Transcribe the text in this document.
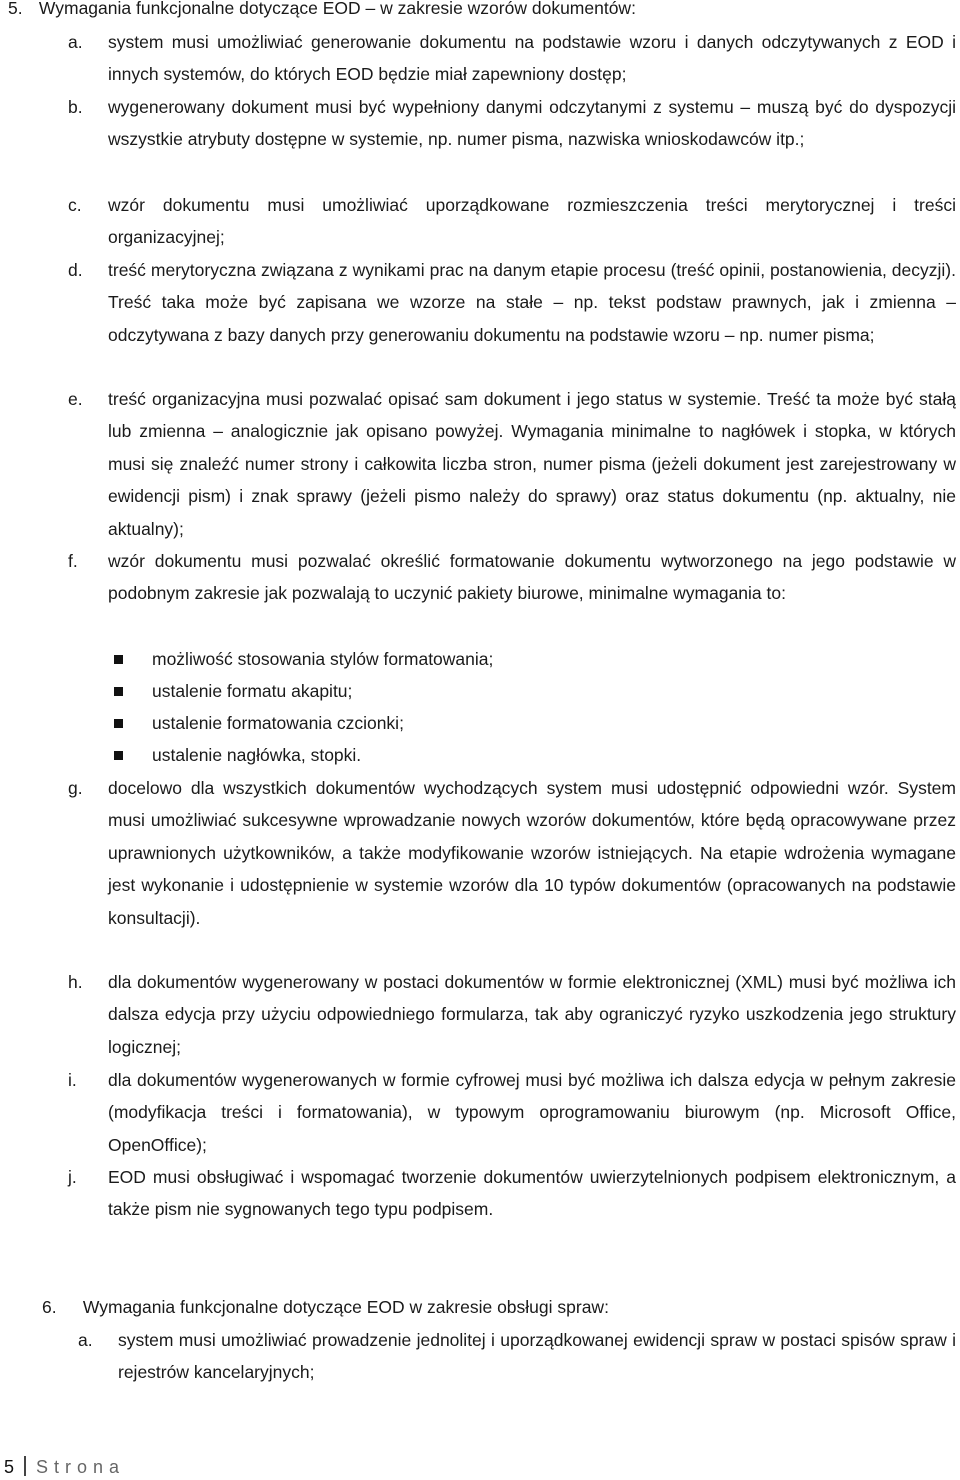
5. Wymagania funkcjonalne dotyczące EOD – w zakresie wzorów dokumentów:
a.	system musi umożliwiać generowanie dokumentu na podstawie wzoru i danych odczytywanych z EOD i innych systemów, do których EOD będzie miał zapewniony dostęp;
b.	wygenerowany dokument musi być wypełniony danymi odczytanymi z systemu – muszą być do dyspozycji wszystkie atrybuty dostępne w systemie, np. numer pisma, nazwiska wnioskodawców itp.;
c.	wzór dokumentu musi umożliwiać uporządkowane rozmieszczenia treści merytorycznej i treści organizacyjnej;
d.	treść merytoryczna związana z wynikami prac na danym etapie procesu (treść opinii, postanowienia, decyzji). Treść taka może być zapisana we wzorze na stałe – np. tekst podstaw prawnych, jak i zmienna – odczytywana z bazy danych przy generowaniu dokumentu na podstawie wzoru – np. numer pisma;
e.	treść organizacyjna musi pozwalać opisać sam dokument i jego status w systemie. Treść ta może być stałą lub zmienna – analogicznie jak opisano powyżej. Wymagania minimalne to nagłówek i stopka, w których musi się znaleźć numer strony i całkowita liczba stron, numer pisma (jeżeli dokument jest zarejestrowany w ewidencji pism) i znak sprawy (jeżeli pismo należy do sprawy) oraz status dokumentu (np. aktualny, nie aktualny);
f.	wzór dokumentu musi pozwalać określić formatowanie dokumentu wytworzonego na jego podstawie w podobnym zakresie jak pozwalają to uczynić pakiety biurowe, minimalne wymagania to:
możliwość stosowania stylów formatowania;
ustalenie formatu akapitu;
ustalenie formatowania czcionki;
ustalenie nagłówka, stopki.
g.	docelowo dla wszystkich dokumentów wychodzących system musi udostępnić odpowiedni wzór. System musi umożliwiać sukcesywne wprowadzanie nowych wzorów dokumentów, które będą opracowywane przez uprawnionych użytkowników, a także modyfikowanie wzorów istniejących. Na etapie wdrożenia wymagane jest wykonanie i udostępnienie w systemie wzorów dla 10 typów dokumentów (opracowanych na podstawie konsultacji).
h.	dla dokumentów wygenerowany w postaci dokumentów w formie elektronicznej (XML) musi być możliwa ich dalsza edycja przy użyciu odpowiedniego formularza, tak aby ograniczyć ryzyko uszkodzenia jego struktury logicznej;
i.	dla dokumentów wygenerowanych w formie cyfrowej musi być możliwa ich dalsza edycja w pełnym zakresie (modyfikacja treści i formatowania), w typowym oprogramowaniu biurowym (np. Microsoft Office, OpenOffice);
j.	EOD musi obsługiwać i wspomagać tworzenie dokumentów uwierzytelnionych podpisem elektronicznym, a także pism nie sygnowanych tego typu podpisem.
6. Wymagania funkcjonalne dotyczące EOD w zakresie obsługi spraw:
a.	system musi umożliwiać prowadzenie jednolitej i uporządkowanej ewidencji spraw w postaci spisów spraw i rejestrów kancelaryjnych;
5 Strona
